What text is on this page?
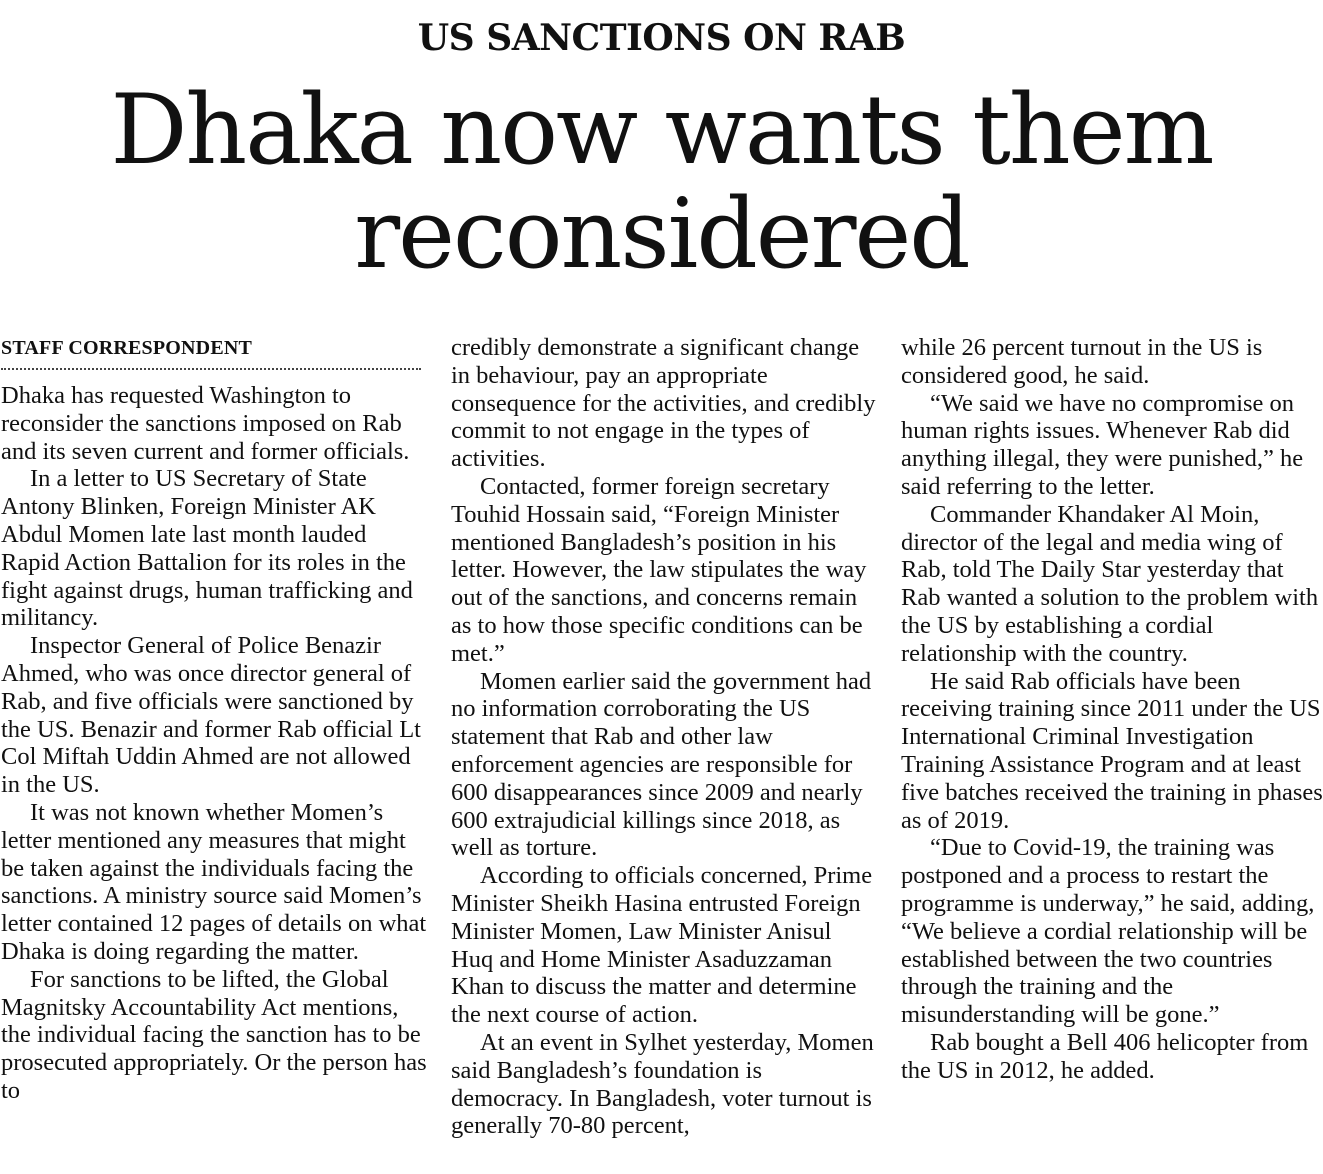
US SANCTIONS ON RAB
Dhaka now wants them
reconsidered
STAFF CORRESPONDENT

Dhaka has requested Washington to reconsider the sanctions imposed on Rab and its seven current and former officials.

In a letter to US Secretary of State Antony Blinken, Foreign Minister AK Abdul Momen late last month lauded Rapid Action Battalion for its roles in the fight against drugs, human trafficking and militancy.

Inspector General of Police Benazir Ahmed, who was once director general of Rab, and five officials were sanctioned by the US. Benazir and former Rab official Lt Col Miftah Uddin Ahmed are not allowed in the US.

It was not known whether Momen’s letter mentioned any measures that might be taken against the individuals facing the sanctions. A ministry source said Momen’s letter contained 12 pages of details on what Dhaka is doing regarding the matter.

For sanctions to be lifted, the Global Magnitsky Accountability Act mentions, the individual facing the sanction has to be prosecuted appropriately. Or the person has to

credibly demonstrate a significant change in behaviour, pay an appropriate consequence for the activities, and credibly commit to not engage in the types of activities.

Contacted, former foreign secretary Touhid Hossain said, “Foreign Minister mentioned Bangladesh’s position in his letter. However, the law stipulates the way out of the sanctions, and concerns remain as to how those specific conditions can be met.”

Momen earlier said the government had no information corroborating the US statement that Rab and other law enforcement agencies are responsible for 600 disappearances since 2009 and nearly 600 extrajudicial killings since 2018, as well as torture.

According to officials concerned, Prime Minister Sheikh Hasina entrusted Foreign Minister Momen, Law Minister Anisul Huq and Home Minister Asaduzzaman Khan to discuss the matter and determine the next course of action.

At an event in Sylhet yesterday, Momen said Bangladesh’s foundation is democracy. In Bangladesh, voter turnout is generally 70-80 percent,

while 26 percent turnout in the US is considered good, he said.

“We said we have no compromise on human rights issues. Whenever Rab did anything illegal, they were punished,” he said referring to the letter.

Commander Khandaker Al Moin, director of the legal and media wing of Rab, told The Daily Star yesterday that Rab wanted a solution to the problem with the US by establishing a cordial relationship with the country.

He said Rab officials have been receiving training since 2011 under the US International Criminal Investigation Training Assistance Program and at least five batches received the training in phases as of 2019.

“Due to Covid-19, the training was postponed and a process to restart the programme is underway,” he said, adding, “We believe a cordial relationship will be established between the two countries through the training and the misunderstanding will be gone.”

Rab bought a Bell 406 helicopter from the US in 2012, he added.
